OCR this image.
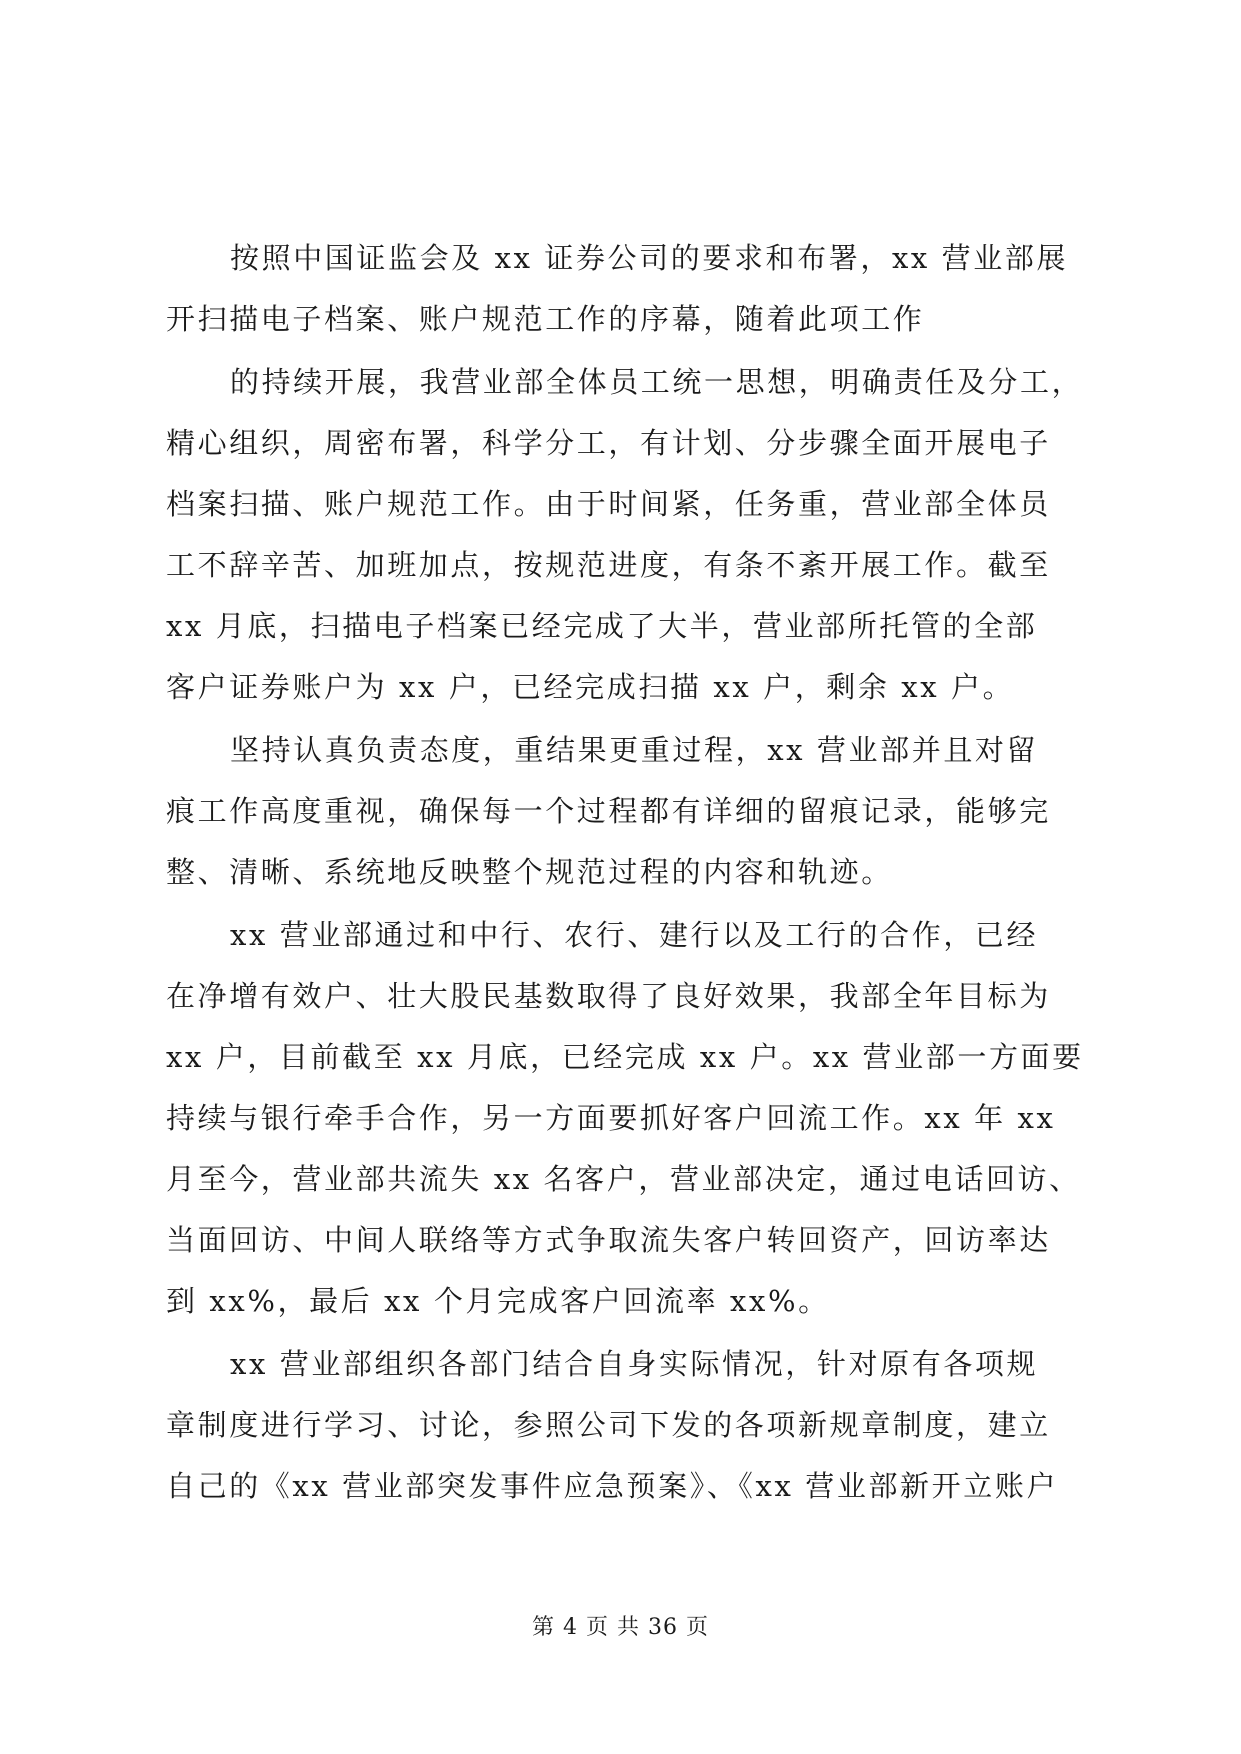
按照中国证监会及 xx 证券公司的要求和布署，xx 营业部展
开扫描电子档案、账户规范工作的序幕，随着此项工作
的持续开展，我营业部全体员工统一思想，明确责任及分工，
精心组织，周密布署，科学分工，有计划、分步骤全面开展电子
档案扫描、账户规范工作。由于时间紧，任务重，营业部全体员
工不辞辛苦、加班加点，按规范进度，有条不紊开展工作。截至
xx 月底，扫描电子档案已经完成了大半，营业部所托管的全部
客户证券账户为 xx 户，已经完成扫描 xx 户，剩余 xx 户。
坚持认真负责态度，重结果更重过程，xx 营业部并且对留
痕工作高度重视，确保每一个过程都有详细的留痕记录，能够完
整、清晰、系统地反映整个规范过程的内容和轨迹。
xx 营业部通过和中行、农行、建行以及工行的合作，已经
在净增有效户、壮大股民基数取得了良好效果，我部全年目标为
xx 户，目前截至 xx 月底，已经完成 xx 户。xx 营业部一方面要
持续与银行牵手合作，另一方面要抓好客户回流工作。xx 年 xx
月至今，营业部共流失 xx 名客户，营业部决定，通过电话回访、
当面回访、中间人联络等方式争取流失客户转回资产，回访率达
到 xx%，最后 xx 个月完成客户回流率 xx%。
xx 营业部组织各部门结合自身实际情况，针对原有各项规
章制度进行学习、讨论，参照公司下发的各项新规章制度，建立
自己的《xx 营业部突发事件应急预案》、《xx 营业部新开立账户
第 4 页 共 36 页
